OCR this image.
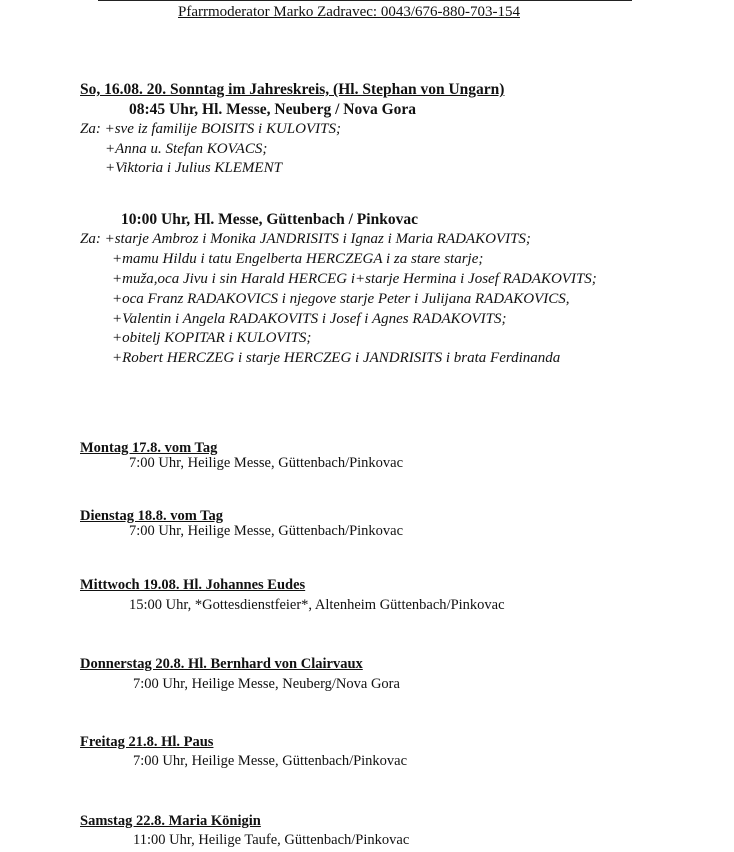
Pfarrmoderator Marko Zadravec: 0043/676-880-703-154
So, 16.08. 20. Sonntag im Jahreskreis, (Hl. Stephan von Ungarn)
08:45 Uhr, Hl. Messe, Neuberg / Nova Gora
Za: +sve iz familije BOISITS i KULOVITS;
+Anna u. Stefan KOVACS;
+Viktoria i Julius KLEMENT
10:00 Uhr, Hl. Messe, Güttenbach / Pinkovac
Za: +starje Ambroz i Monika JANDRISITS i Ignaz i Maria RADAKOVITS;
+mamu Hildu i tatu Engelberta HERCZEGA i za stare starje;
+muža,oca Jivu i sin Harald HERCEG i+starje Hermina i Josef RADAKOVITS;
+oca Franz RADAKOVICS i njegove starje Peter i Julijana RADAKOVICS,
+Valentin i Angela RADAKOVITS i Josef i Agnes RADAKOVITS;
+obitelj KOPITAR i KULOVITS;
+Robert HERCZEG i starje HERCZEG i JANDRISITS i brata Ferdinanda
Montag 17.8. vom Tag
7:00 Uhr, Heilige Messe, Güttenbach/Pinkovac
Dienstag 18.8. vom Tag
7:00 Uhr, Heilige Messe, Güttenbach/Pinkovac
Mittwoch 19.08. Hl. Johannes Eudes
15:00 Uhr, *Gottesdienstfeier*, Altenheim Güttenbach/Pinkovac
Donnerstag 20.8. Hl. Bernhard von Clairvaux
7:00 Uhr, Heilige Messe, Neuberg/Nova Gora
Freitag 21.8. Hl. Paus
7:00 Uhr, Heilige Messe, Güttenbach/Pinkovac
Samstag 22.8. Maria Königin
11:00 Uhr, Heilige Taufe, Güttenbach/Pinkovac
